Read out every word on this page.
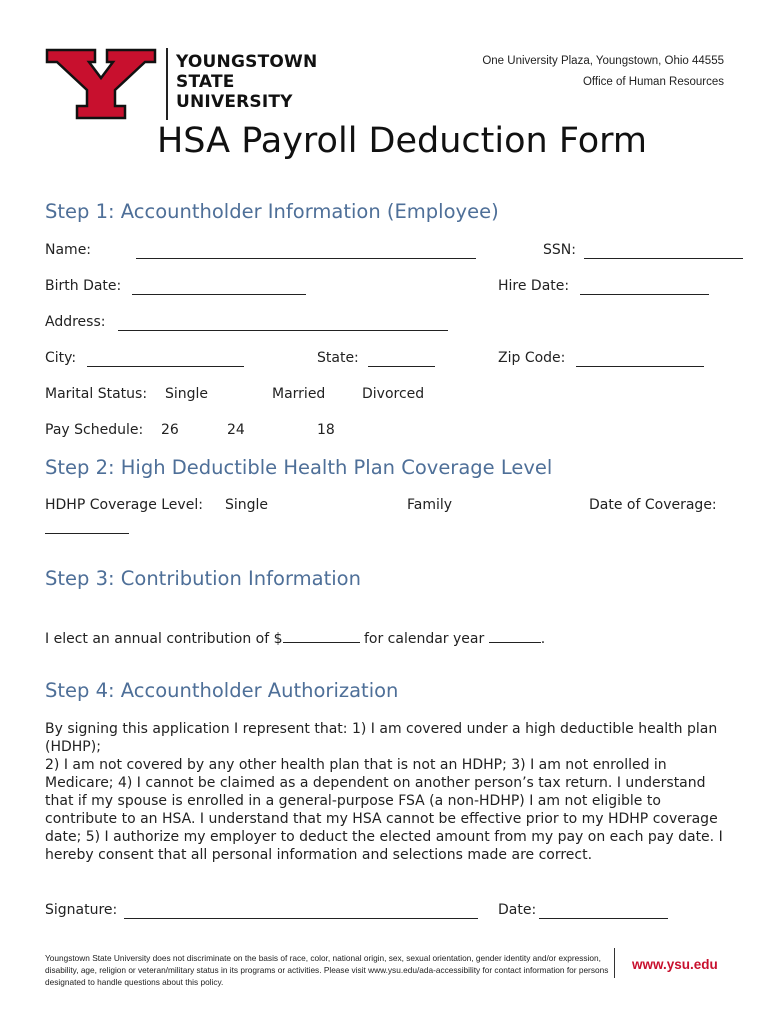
YOUNGSTOWN
STATE
UNIVERSITY
One University Plaza, Youngstown, Ohio 44555
Office of Human Resources
HSA Payroll Deduction Form
Step 1: Accountholder Information (Employee)
Name:	SSN:
Birth Date:	Hire Date:
Address:
City:	State:	Zip Code:
Marital Status: Single	Married	Divorced
Pay Schedule: 26	24	18
Step 2: High Deductible Health Plan Coverage Level
HDHP Coverage Level: Single	Family	Date of Coverage:
Step 3: Contribution Information
I elect an annual contribution of $	for calendar year	.
Step 4: Accountholder Authorization

By signing this application I represent that: 1) I am covered under a high deductible health plan (HDHP);

2) I am not covered by any other health plan that is not an HDHP; 3) I am not enrolled in Medicare; 4) I cannot be claimed as a dependent on another person’s tax return. I understand that if my spouse is enrolled in a general-purpose FSA (a non-HDHP) I am not eligible to contribute to an HSA. I understand that my HSA cannot be effective prior to my HDHP coverage date; 5) I authorize my employer to deduct the elected amount from my pay on each pay date. I hereby consent that all personal information and selections made are correct.

Signature:	Date:
Youngstown State University does not discriminate on the basis of race, color, national origin, sex, sexual orientation, gender identity and/or expression, disability, age, religion or veteran/military status in its programs or activities. Please visit www.ysu.edu/ada-accessibility for contact information for persons designated to handle questions about this policy.
www.ysu.edu
